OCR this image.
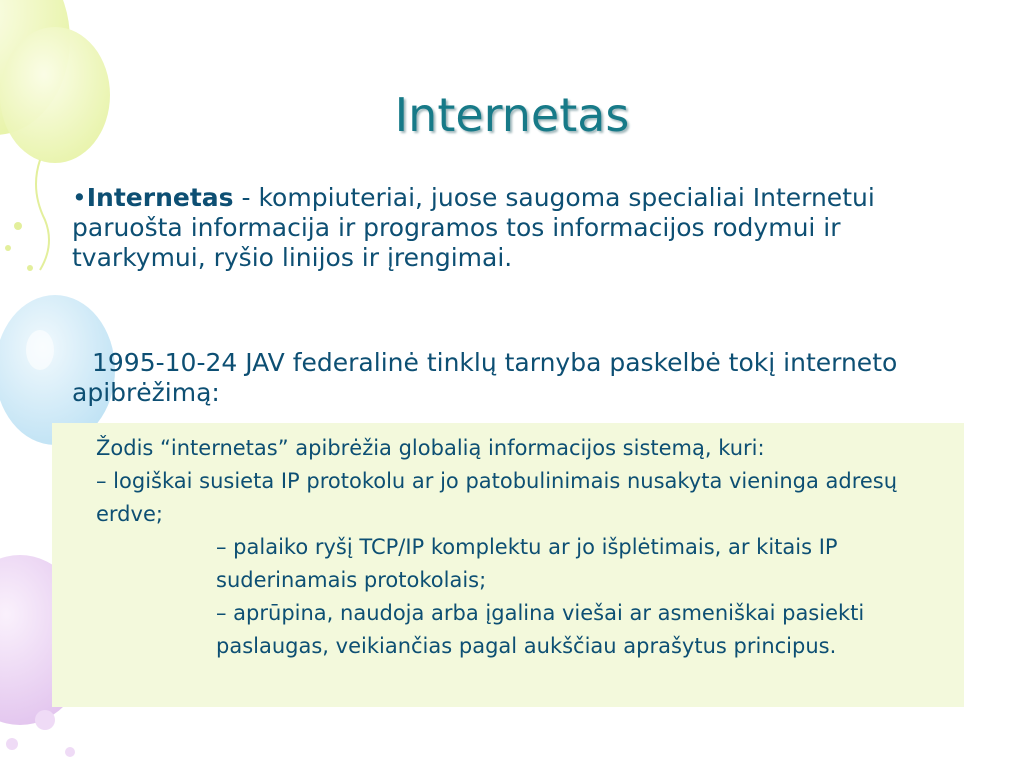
Internetas

•Internetas - kompiuteriai, juose saugoma specialiai Internetui paruošta informacija ir programos tos informacijos rodymui ir tvarkymui, ryšio linijos ir įrengimai.

1995-10-24 JAV federalinė tinklų tarnyba paskelbė tokį interneto apibrėžimą:

Žodis “internetas” apibrėžia globalią informacijos sistemą, kuri:
– logiškai susieta IP protokolu ar jo patobulinimais nusakyta vieninga adresų erdve;
– palaiko ryšį TCP/IP komplektu ar jo išplėtimais, ar kitais IP suderinamais protokolais;
– aprūpina, naudoja arba įgalina viešai ar asmeniškai pasiekti paslaugas, veikiančias pagal aukščiau aprašytus principus.
